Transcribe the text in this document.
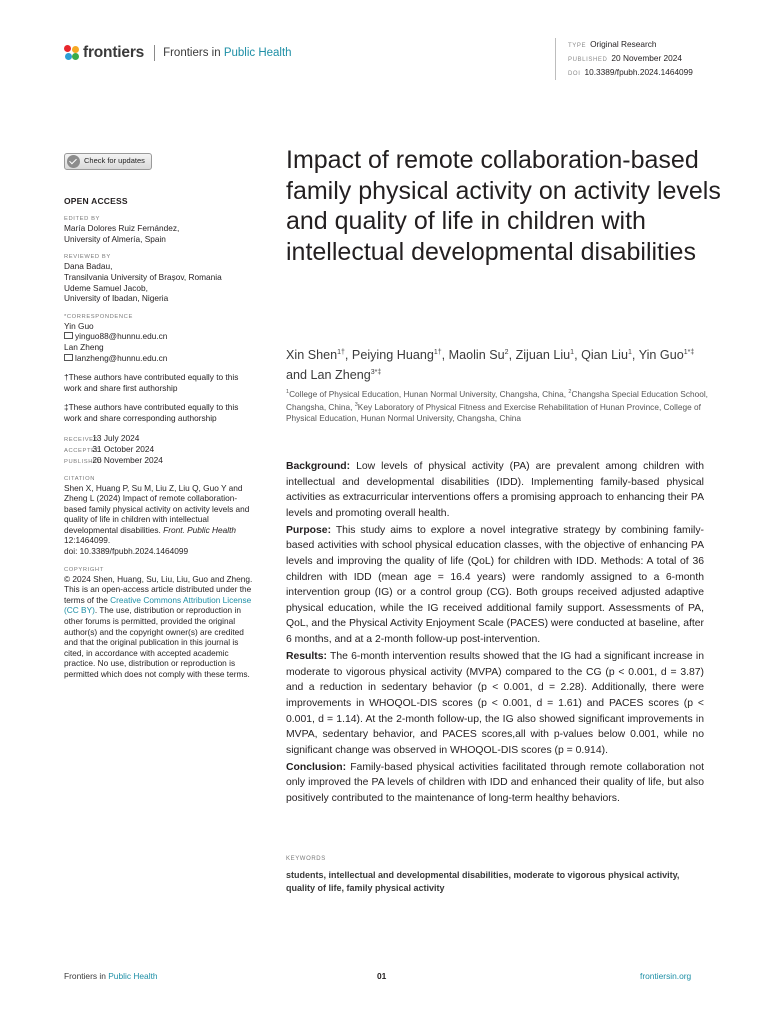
frontiers Frontiers in Public Health
TYPE Original Research
PUBLISHED 20 November 2024
DOI 10.3389/fpubh.2024.1464099
Check for updates
OPEN ACCESS
EDITED BY
María Dolores Ruiz Fernández,
University of Almería, Spain
REVIEWED BY
Dana Badau,
Transilvania University of Brașov, Romania
Udeme Samuel Jacob,
University of Ibadan, Nigeria
*CORRESPONDENCE
Yin Guo
yinguo88@hunnu.edu.cn
Lan Zheng
lanzheng@hunnu.edu.cn
†These authors have contributed equally to this work and share first authorship
‡These authors have contributed equally to this work and share corresponding authorship
RECEIVED 13 July 2024
ACCEPTED 31 October 2024
PUBLISHED 20 November 2024
CITATION
Shen X, Huang P, Su M, Liu Z, Liu Q, Guo Y and Zheng L (2024) Impact of remote collaboration-based family physical activity on activity levels and quality of life in children with intellectual developmental disabilities. Front. Public Health 12:1464099.
doi: 10.3389/fpubh.2024.1464099
COPYRIGHT
© 2024 Shen, Huang, Su, Liu, Liu, Guo and Zheng. This is an open-access article distributed under the terms of the Creative Commons Attribution License (CC BY). The use, distribution or reproduction in other forums is permitted, provided the original author(s) and the copyright owner(s) are credited and that the original publication in this journal is cited, in accordance with accepted academic practice. No use, distribution or reproduction is permitted which does not comply with these terms.
Impact of remote collaboration-based family physical activity on activity levels and quality of life in children with intellectual developmental disabilities
Xin Shen$^{1\dagger}$, Peiying Huang$^{1\dagger}$, Maolin Su$^2$, Zijuan Liu$^1$, Qian Liu$^1$, Yin Guo$^{1*\ddagger}$ and Lan Zheng$^{3*\ddagger}$
$^1$College of Physical Education, Hunan Normal University, Changsha, China, $^2$Changsha Special Education School, Changsha, China, $^3$Key Laboratory of Physical Fitness and Exercise Rehabilitation of Hunan Province, College of Physical Education, Hunan Normal University, Changsha, China

Background: Low levels of physical activity (PA) are prevalent among children with intellectual and developmental disabilities (IDD). Implementing family-based physical activities as extracurricular interventions offers a promising approach to enhancing their PA levels and promoting overall health.

Purpose: This study aims to explore a novel integrative strategy by combining family-based activities with school physical education classes, with the objective of enhancing PA levels and improving the quality of life (QoL) for children with IDD. Methods: A total of 36 children with IDD (mean age = 16.4 years) were randomly assigned to a 6-month intervention group (IG) or a control group (CG). Both groups received adjusted adaptive physical education, while the IG received additional family support. Assessments of PA, QoL, and the Physical Activity Enjoyment Scale (PACES) were conducted at baseline, after 6 months, and at a 2-month follow-up post-intervention.

Results: The 6-month intervention results showed that the IG had a significant increase in moderate to vigorous physical activity (MVPA) compared to the CG (p < 0.001, d = 3.87) and a reduction in sedentary behavior (p < 0.001, d = 2.28). Additionally, there were improvements in WHOQOL-DIS scores (p < 0.001, d = 1.61) and PACES scores (p < 0.001, d = 1.14). At the 2-month follow-up, the IG also showed significant improvements in MVPA, sedentary behavior, and PACES scores,all with p-values below 0.001, while no significant change was observed in WHOQOL-DIS scores (p = 0.914).

Conclusion: Family-based physical activities facilitated through remote collaboration not only improved the PA levels of children with IDD and enhanced their quality of life, but also positively contributed to the maintenance of long-term healthy behaviors.

KEYWORDS
students, intellectual and developmental disabilities, moderate to vigorous physical activity, quality of life, family physical activity
Frontiers in Public Health	01	frontiersin.org
